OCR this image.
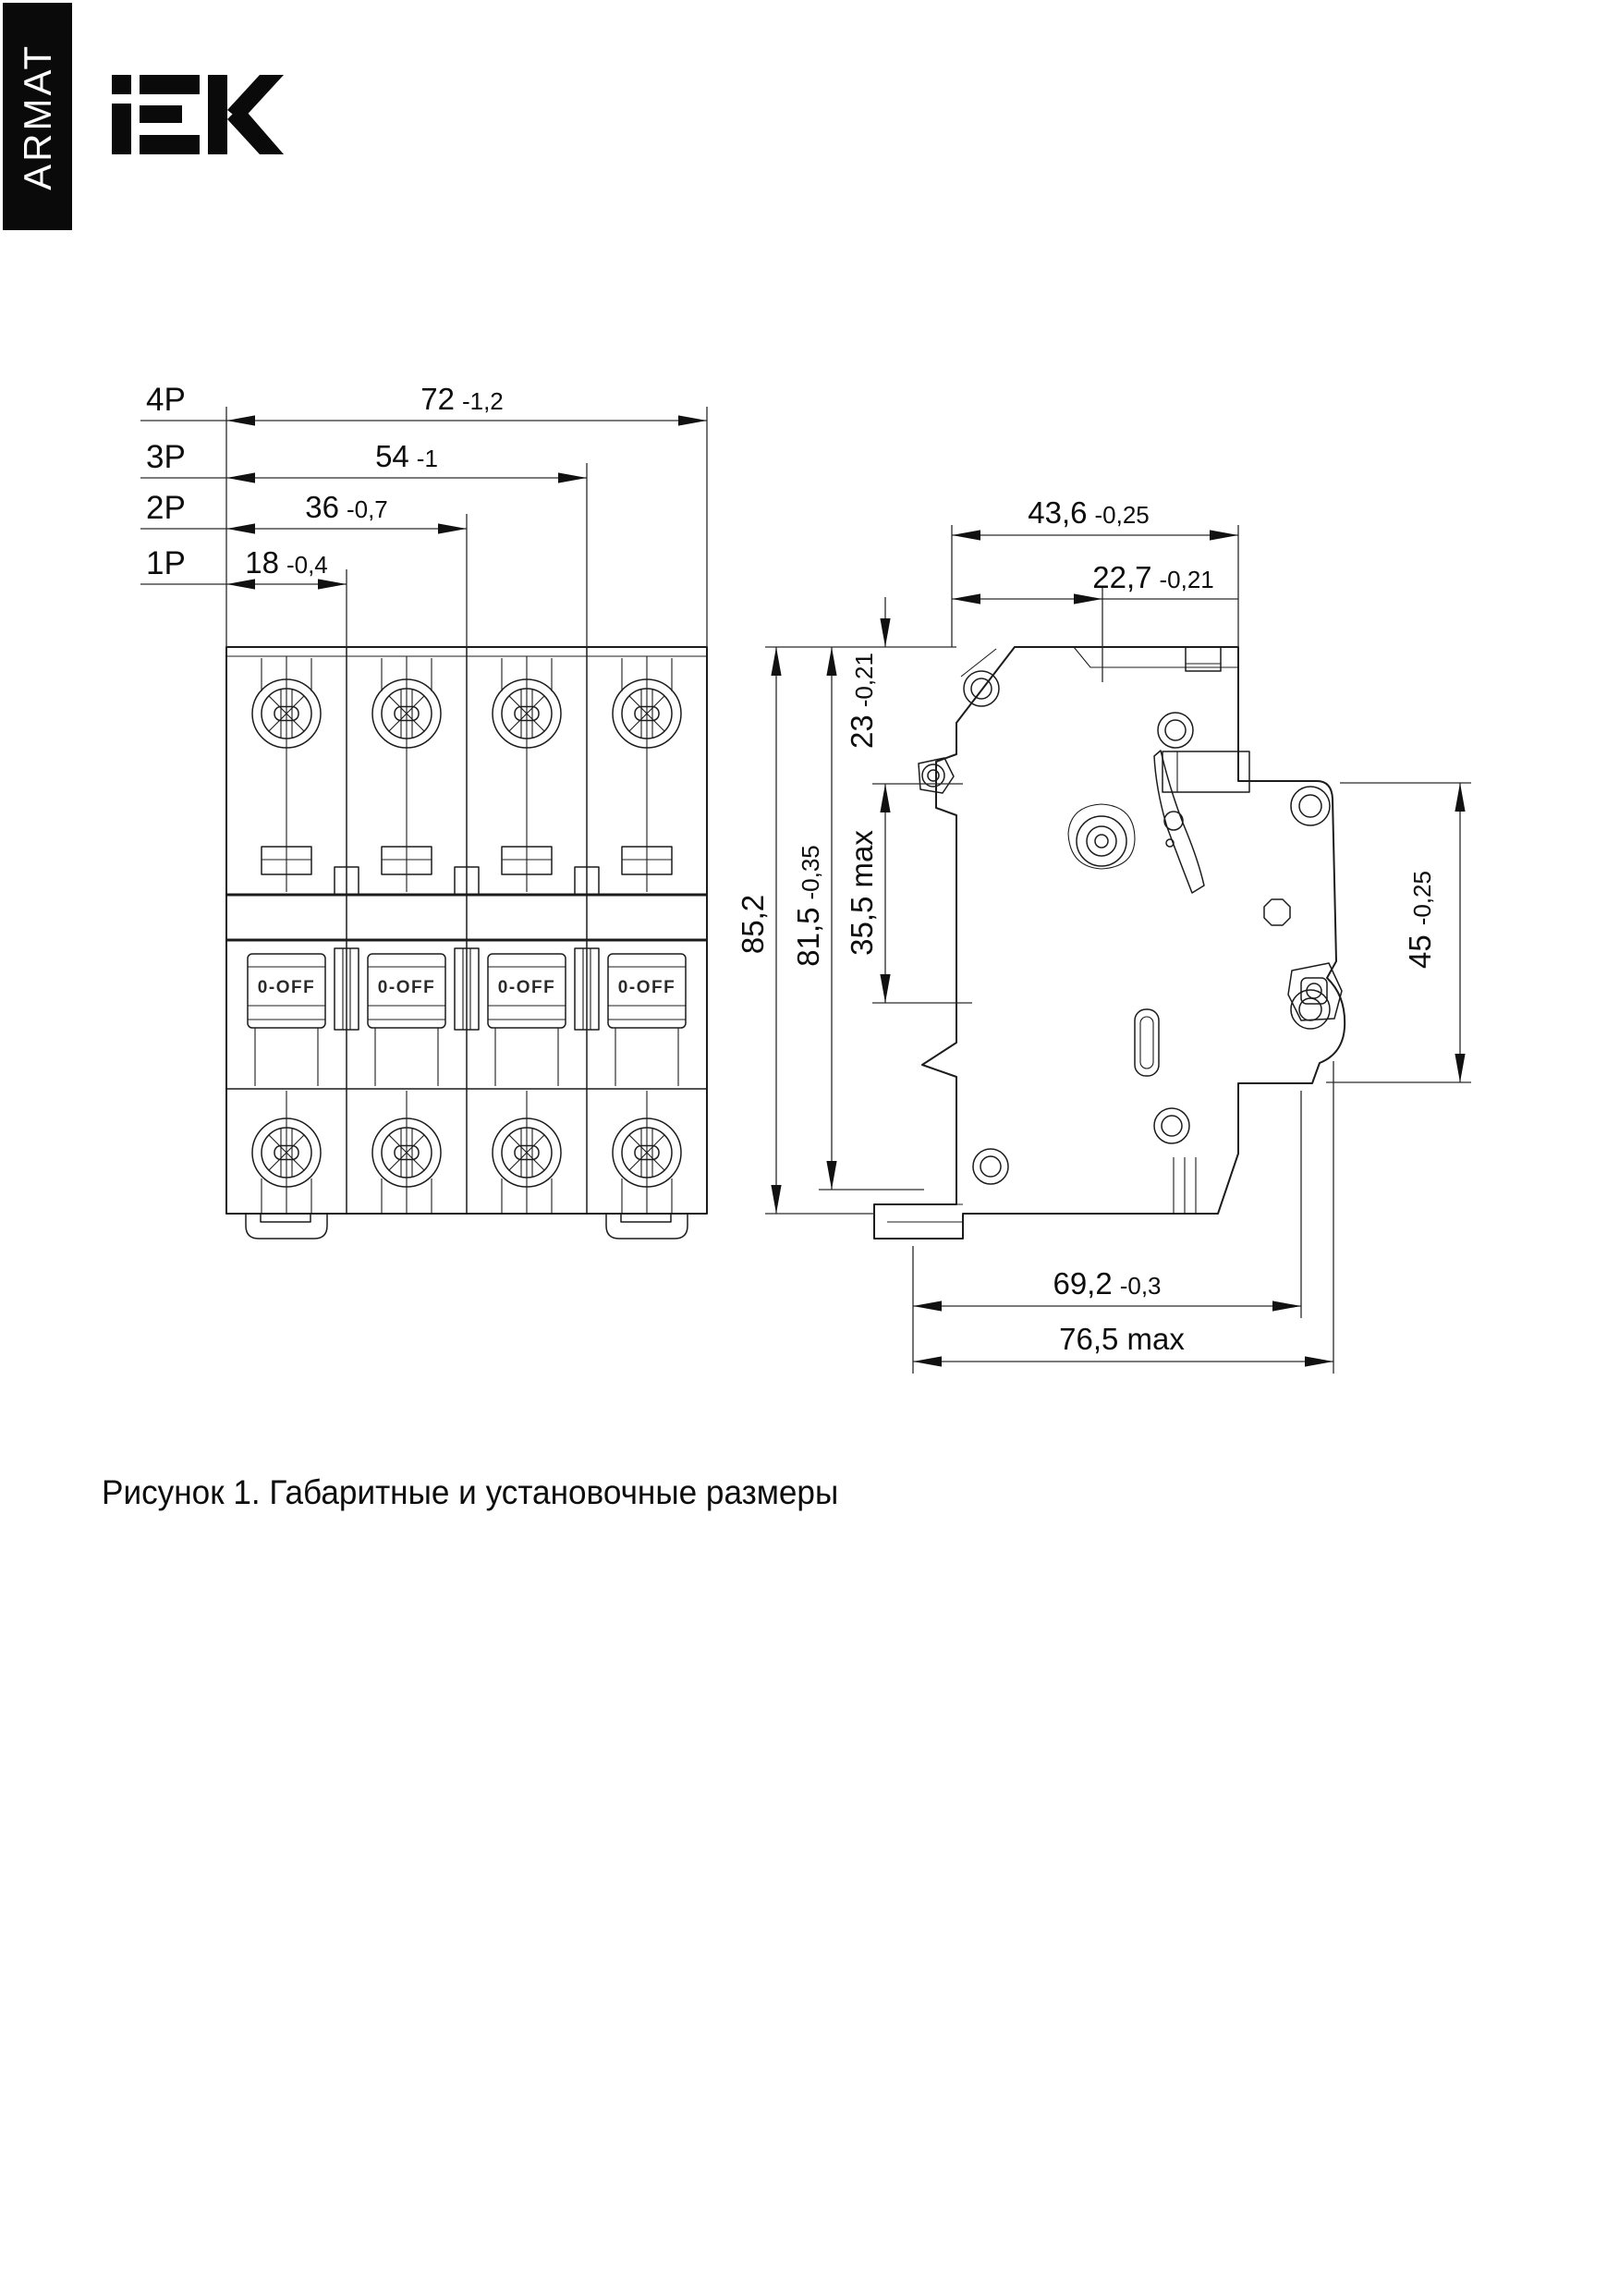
ARMAT
0-OFF	0-OFF	0-OFF	0-OFF
4P
3P
2P
1P
72 -1,2
54 -1
36 -0,7
18 -0,4
43,6 -0,25
22,7 -0,21
85,2 81,5-0,35
23-0,21
35,5 max	45-0,25
69,2 -0,3
76,5 max
Рисунок 1. Габаритные и установочные размеры
